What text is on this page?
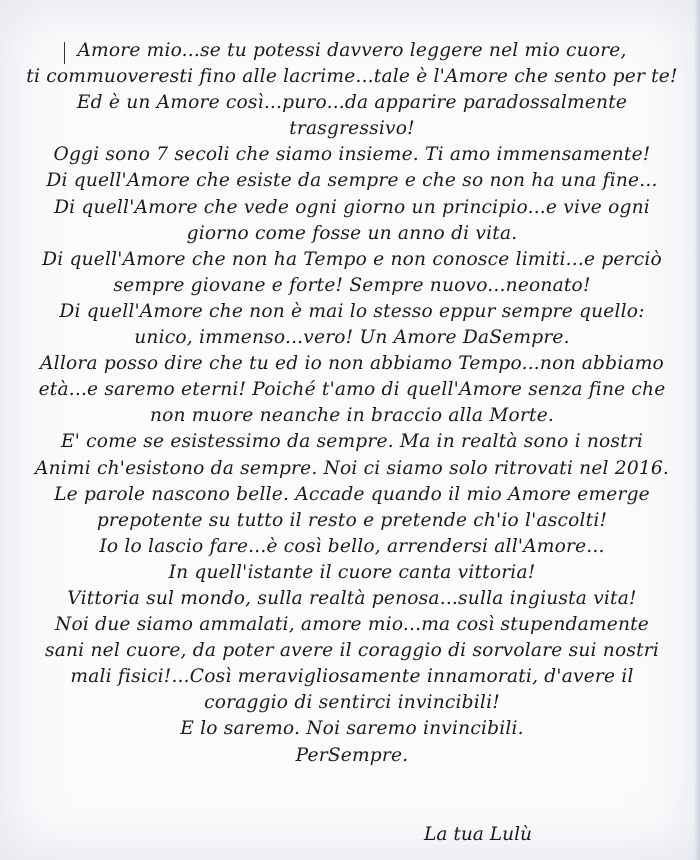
Amore mio...se tu potessi davvero leggere nel mio cuore,
ti commuoveresti fino alle lacrime...tale è l'Amore che sento per te!
Ed è un Amore così...puro...da apparire paradossalmente
trasgressivo!
Oggi sono 7 secoli che siamo insieme. Ti amo immensamente!
Di quell'Amore che esiste da sempre e che so non ha una fine...
Di quell'Amore che vede ogni giorno un principio...e vive ogni
giorno come fosse un anno di vita.
Di quell'Amore che non ha Tempo e non conosce limiti...e perciò
sempre giovane e forte! Sempre nuovo...neonato!
Di quell'Amore che non è mai lo stesso eppur sempre quello:
unico, immenso...vero! Un Amore DaSempre.
Allora posso dire che tu ed io non abbiamo Tempo...non abbiamo
età...e saremo eterni! Poiché t'amo di quell'Amore senza fine che
non muore neanche in braccio alla Morte.
E' come se esistessimo da sempre. Ma in realtà sono i nostri
Animi ch'esistono da sempre. Noi ci siamo solo ritrovati nel 2016.
Le parole nascono belle. Accade quando il mio Amore emerge
prepotente su tutto il resto e pretende ch'io l'ascolti!
Io lo lascio fare...è così bello, arrendersi all'Amore...
In quell'istante il cuore canta vittoria!
Vittoria sul mondo, sulla realtà penosa...sulla ingiusta vita!
Noi due siamo ammalati, amore mio...ma così stupendamente
sani nel cuore, da poter avere il coraggio di sorvolare sui nostri
mali fisici!...Così meravigliosamente innamorati, d'avere il
coraggio di sentirci invincibili!
E lo saremo. Noi saremo invincibili.
PerSempre.
La tua Lulù
